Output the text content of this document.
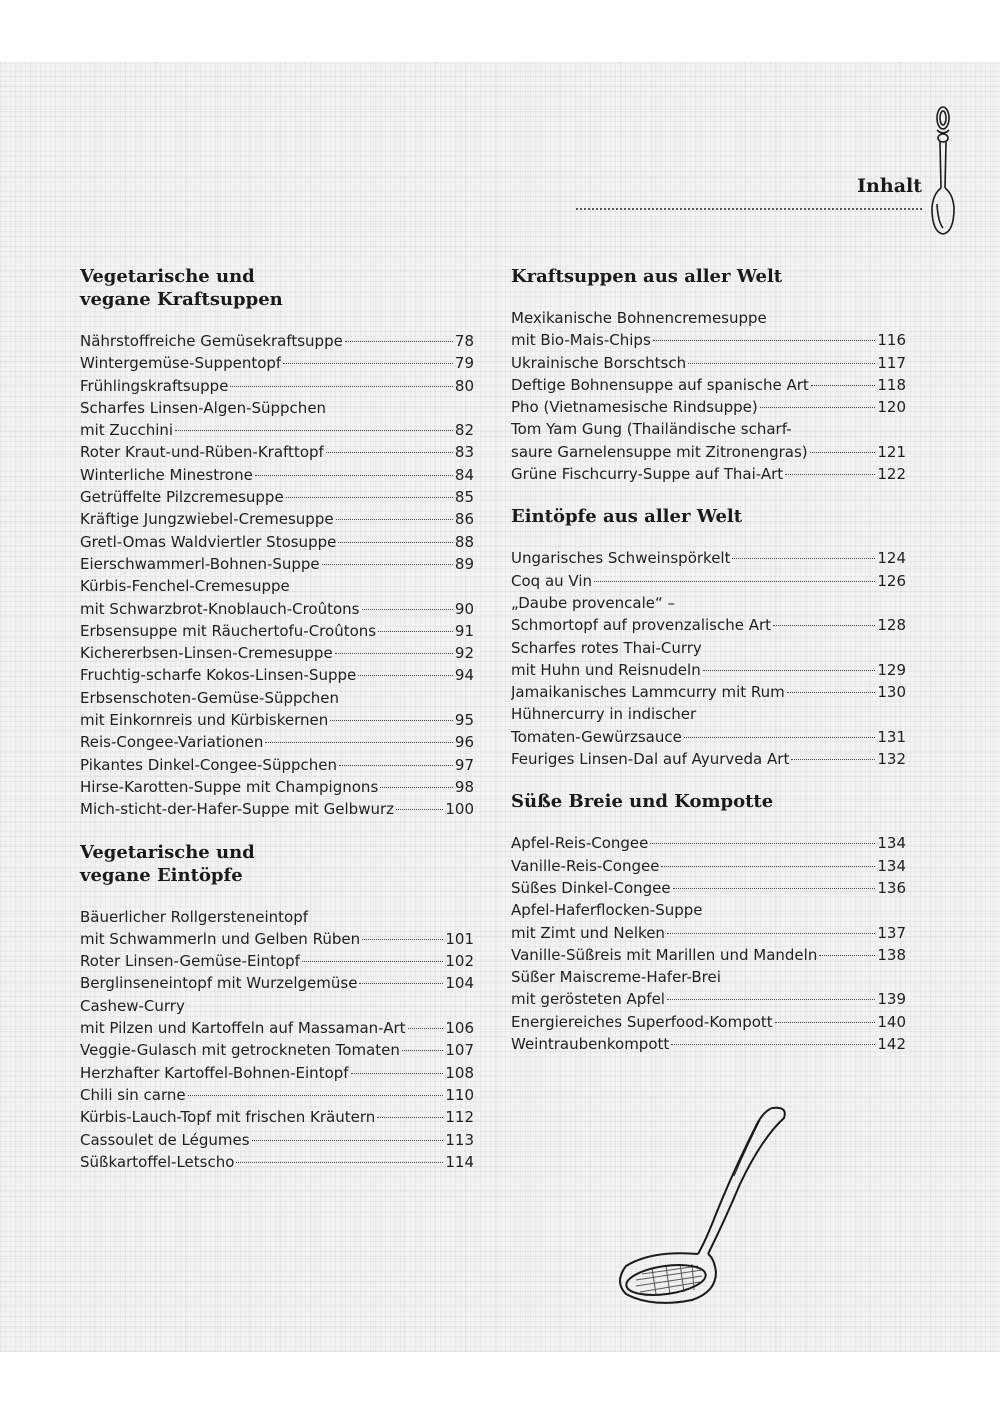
Inhalt
Vegetarische und
vegane Kraftsuppen
Nährstoffreiche Gemüsekraftsuppe	78
Wintergemüse-Suppentopf	79
Frühlingskraftsuppe	80
Scharfes Linsen-Algen-Süppchen
mit Zucchini	82
Roter Kraut-und-Rüben-Krafttopf	83
Winterliche Minestrone	84
Getrüffelte Pilzcremesuppe	85
Kräftige Jungzwiebel-Cremesuppe	86
Gretl-Omas Waldviertler Stosuppe	88
Eierschwammerl-Bohnen-Suppe	89
Kürbis-Fenchel-Cremesuppe
mit Schwarzbrot-Knoblauch-Croûtons	90
Erbsensuppe mit Räuchertofu-Croûtons	91
Kichererbsen-Linsen-Cremesuppe	92
Fruchtig-scharfe Kokos-Linsen-Suppe	94
Erbsenschoten-Gemüse-Süppchen
mit Einkornreis und Kürbiskernen	95
Reis-Congee-Variationen	96
Pikantes Dinkel-Congee-Süppchen	97
Hirse-Karotten-Suppe mit Champignons	98
Mich-sticht-der-Hafer-Suppe mit Gelbwurz	100
Vegetarische und
vegane Eintöpfe
Bäuerlicher Rollgersteneintopf
mit Schwammerln und Gelben Rüben	101
Roter Linsen-Gemüse-Eintopf	102
Berglinseneintopf mit Wurzelgemüse	104
Cashew-Curry
mit Pilzen und Kartoffeln auf Massaman-Art	106
Veggie-Gulasch mit getrockneten Tomaten	107
Herzhafter Kartoffel-Bohnen-Eintopf	108
Chili sin carne	110
Kürbis-Lauch-Topf mit frischen Kräutern	112
Cassoulet de Légumes	113
Süßkartoffel-Letscho	114
Kraftsuppen aus aller Welt
Mexikanische Bohnencremesuppe
mit Bio-Mais-Chips	116
Ukrainische Borschtsch	117
Deftige Bohnensuppe auf spanische Art	118
Pho (Vietnamesische Rindsuppe)	120
Tom Yam Gung (Thailändische scharf-
saure Garnelensuppe mit Zitronengras)	121
Grüne Fischcurry-Suppe auf Thai-Art	122
Eintöpfe aus aller Welt
Ungarisches Schweinspörkelt	124
Coq au Vin	126
„Daube provencale“ –
Schmortopf auf provenzalische Art	128
Scharfes rotes Thai-Curry
mit Huhn und Reisnudeln	129
Jamaikanisches Lammcurry mit Rum	130
Hühnercurry in indischer
Tomaten-Gewürzsauce	131
Feuriges Linsen-Dal auf Ayurveda Art	132
Süße Breie und Kompotte
Apfel-Reis-Congee	134
Vanille-Reis-Congee	134
Süßes Dinkel-Congee	136
Apfel-Haferflocken-Suppe
mit Zimt und Nelken	137
Vanille-Süßreis mit Marillen und Mandeln	138
Süßer Maiscreme-Hafer-Brei
mit gerösteten Apfel	139
Energiereiches Superfood-Kompott	140
Weintraubenkompott	142
